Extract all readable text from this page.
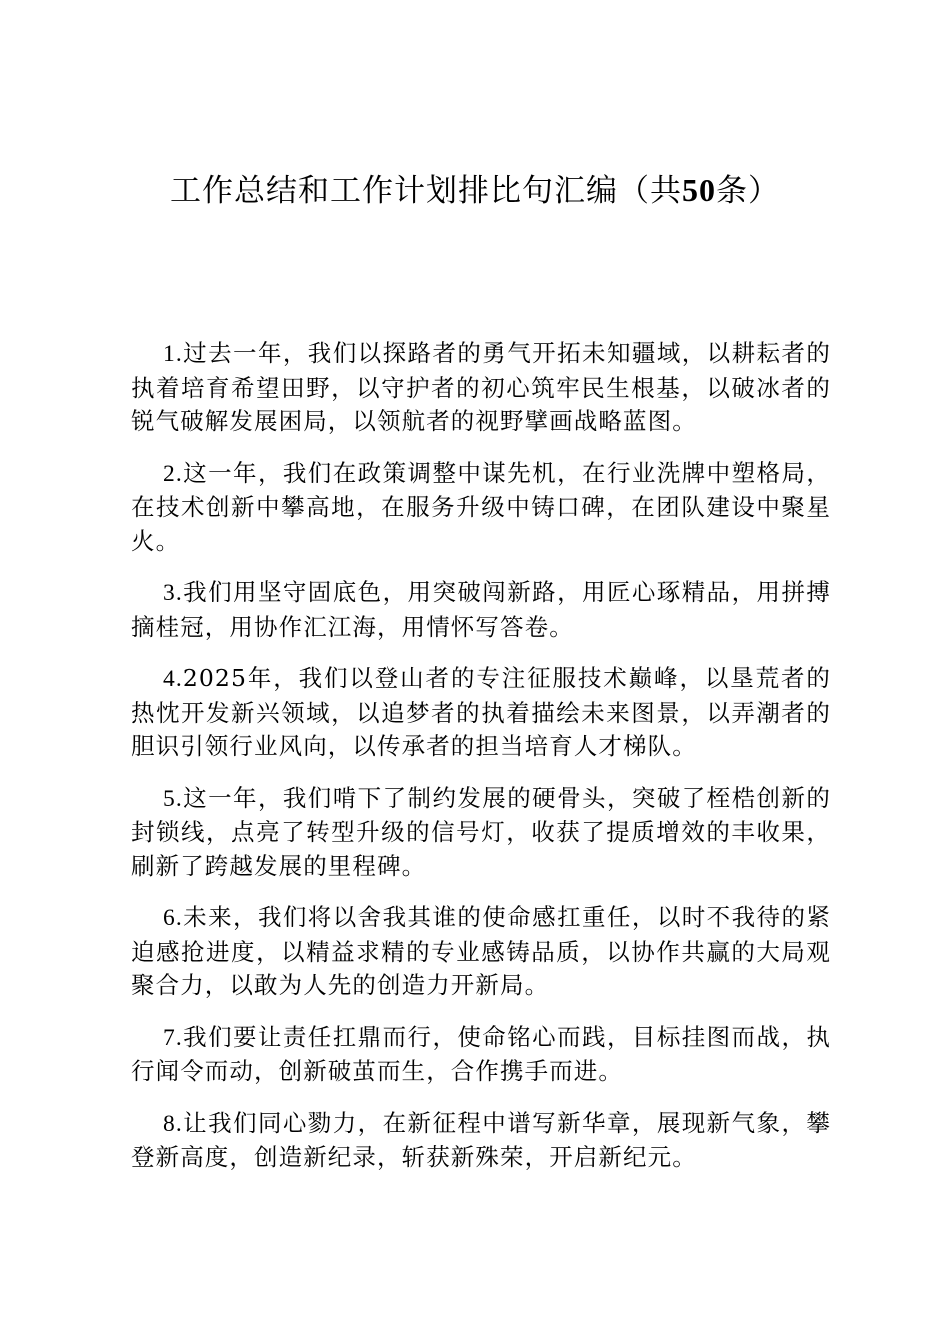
工作总结和工作计划排比句汇编（共50条）

1.过去一年，我们以探路者的勇气开拓未知疆域，以耕耘者的执着培育希望田野，以守护者的初心筑牢民生根基，以破冰者的锐气破解发展困局，以领航者的视野擘画战略蓝图。

2.这一年，我们在政策调整中谋先机，在行业洗牌中塑格局，在技术创新中攀高地，在服务升级中铸口碑，在团队建设中聚星火。

3.我们用坚守固底色，用突破闯新路，用匠心琢精品，用拼搏摘桂冠，用协作汇江海，用情怀写答卷。

4.2025年，我们以登山者的专注征服技术巅峰，以垦荒者的热忱开发新兴领域，以追梦者的执着描绘未来图景，以弄潮者的胆识引领行业风向，以传承者的担当培育人才梯队。

5.这一年，我们啃下了制约发展的硬骨头，突破了桎梏创新的封锁线，点亮了转型升级的信号灯，收获了提质增效的丰收果，刷新了跨越发展的里程碑。

6.未来，我们将以舍我其谁的使命感扛重任，以时不我待的紧迫感抢进度，以精益求精的专业感铸品质，以协作共赢的大局观聚合力，以敢为人先的创造力开新局。

7.我们要让责任扛鼎而行，使命铭心而践，目标挂图而战，执行闻令而动，创新破茧而生，合作携手而进。

8.让我们同心勠力，在新征程中谱写新华章，展现新气象，攀登新高度，创造新纪录，斩获新殊荣，开启新纪元。
